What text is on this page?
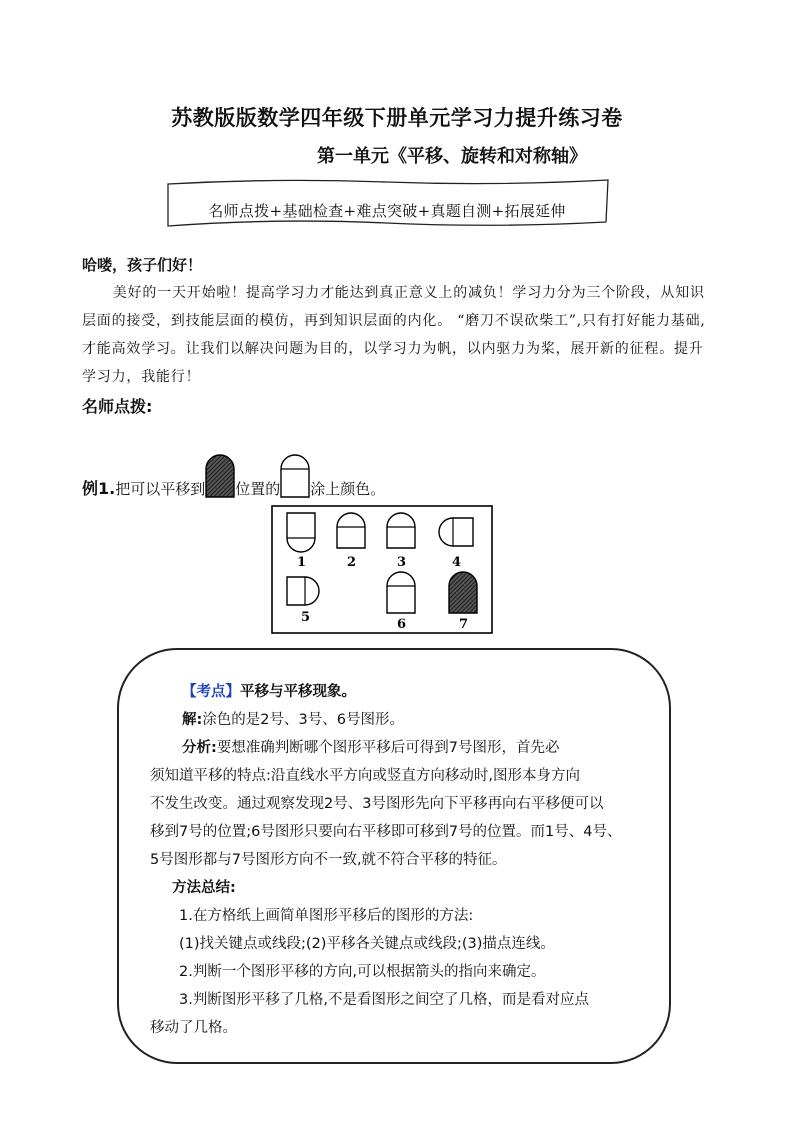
苏教版版数学四年级下册单元学习力提升练习卷
第一单元《平移、旋转和对称轴》
名师点拨+基础检查+难点突破+真题自测+拓展延伸
哈喽，孩子们好！
美好的一天开始啦！提高学习力才能达到真正意义上的减负！学习力分为三个阶段，从知识层面的接受，到技能层面的模仿，再到知识层面的内化。 “磨刀不误砍柴工”,只有打好能力基础,才能高效学习。让我们以解决问题为目的，以学习力为帆，以内驱力为桨，展开新的征程。提升学习力，我能行！
名师点拨:
例1.把可以平移到 位置的 涂上颜色。
1	2	3	4
5	6	7
【考点】平移与平移现象。
解:涂色的是2号、3号、6号图形。
分析:要想准确判断哪个图形平移后可得到7号图形，首先必
须知道平移的特点:沿直线水平方向或竖直方向移动时,图形本身方向
不发生改变。通过观察发现2号、3号图形先向下平移再向右平移便可以
移到7号的位置;6号图形只要向右平移即可移到7号的位置。而1号、4号、
5号图形都与7号图形方向不一致,就不符合平移的特征。
方法总结:
1.在方格纸上画简单图形平移后的图形的方法:
(1)找关键点或线段;(2)平移各关键点或线段;(3)描点连线。
2.判断一个图形平移的方向,可以根据箭头的指向来确定。
3.判断图形平移了几格,不是看图形之间空了几格，而是看对应点
移动了几格。
